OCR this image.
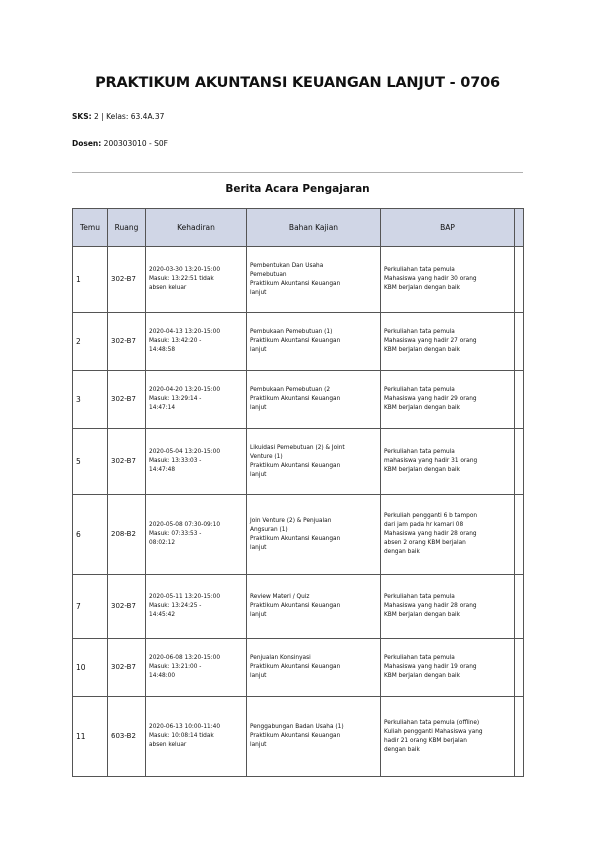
PRAKTIKUM AKUNTANSI KEUANGAN LANJUT - 0706
SKS: 2 | Kelas: 63.4A.37
Dosen: 200303010 - S0F
Berita Acara Pengajaran
Temu	Ruang	Kehadiran	Bahan Kajian	BAP	
1	302-B7	2020-03-30 13:20-15:00
Masuk: 13:22:51 tidak
absen keluar	Pembentukan Dan Usaha
Pemebutuan
Praktikum Akuntansi Keuangan
lanjut	Perkuliahan tata pemula
Mahasiswa yang hadir 30 orang
KBM berjalan dengan baik	

2	302-B7	2020-04-13 13:20-15:00
Masuk: 13:42:20 -
14:48:58	Pembukaan Pemebutuan (1)
Praktikum Akuntansi Keuangan
lanjut	Perkuliahan tata pemula
Mahasiswa yang hadir 27 orang
KBM berjalan dengan baik	

3	302-B7	2020-04-20 13:20-15:00
Masuk: 13:29:14 -
14:47:14	Pembukaan Pemebutuan (2
Praktikum Akuntansi Keuangan
lanjut	Perkuliahan tata pemula
Mahasiswa yang hadir 29 orang
KBM berjalan dengan baik	

5	302-B7	2020-05-04 13:20-15:00
Masuk: 13:33:03 -
14:47:48	Likuidasi Pemebutuan (2) & Joint
Venture (1)
Praktikum Akuntansi Keuangan
lanjut	Perkuliahan tata pemula
mahasiswa yang hadir 31 orang
KBM berjalan dengan baik	

6	208-B2	2020-05-08 07:30-09:10
Masuk: 07:33:53 -
08:02:12	Join Venture (2) & Penjualan
Angsuran (1)
Praktikum Akuntansi Keuangan
lanjut	Perkuliah pengganti 6 b tampon
dari jam pada hr kamari 08
Mahasiswa yang hadir 28 orang
absen 2 orang KBM berjalan
dengan baik	

7	302-B7	2020-05-11 13:20-15:00
Masuk: 13:24:25 -
14:45:42	Review Materi / Quiz
Praktikum Akuntansi Keuangan
lanjut	Perkuliahan tata pemula
Mahasiswa yang hadir 28 orang
KBM berjalan dengan baik	

10	302-B7	2020-06-08 13:20-15:00
Masuk: 13:21:00 -
14:48:00	Penjualan Konsinyasi
Praktikum Akuntansi Keuangan
lanjut	Perkuliahan tata pemula
Mahasiswa yang hadir 19 orang
KBM berjalan dengan baik	

11	603-B2	2020-06-13 10:00-11:40
Masuk: 10:08:14 tidak
absen keluar	Penggabungan Badan Usaha (1)
Praktikum Akuntansi Keuangan
lanjut	Perkuliahan tata pemula (offline)
Kuliah pengganti Mahasiswa yang
hadir 21 orang KBM berjalan
dengan baik	
